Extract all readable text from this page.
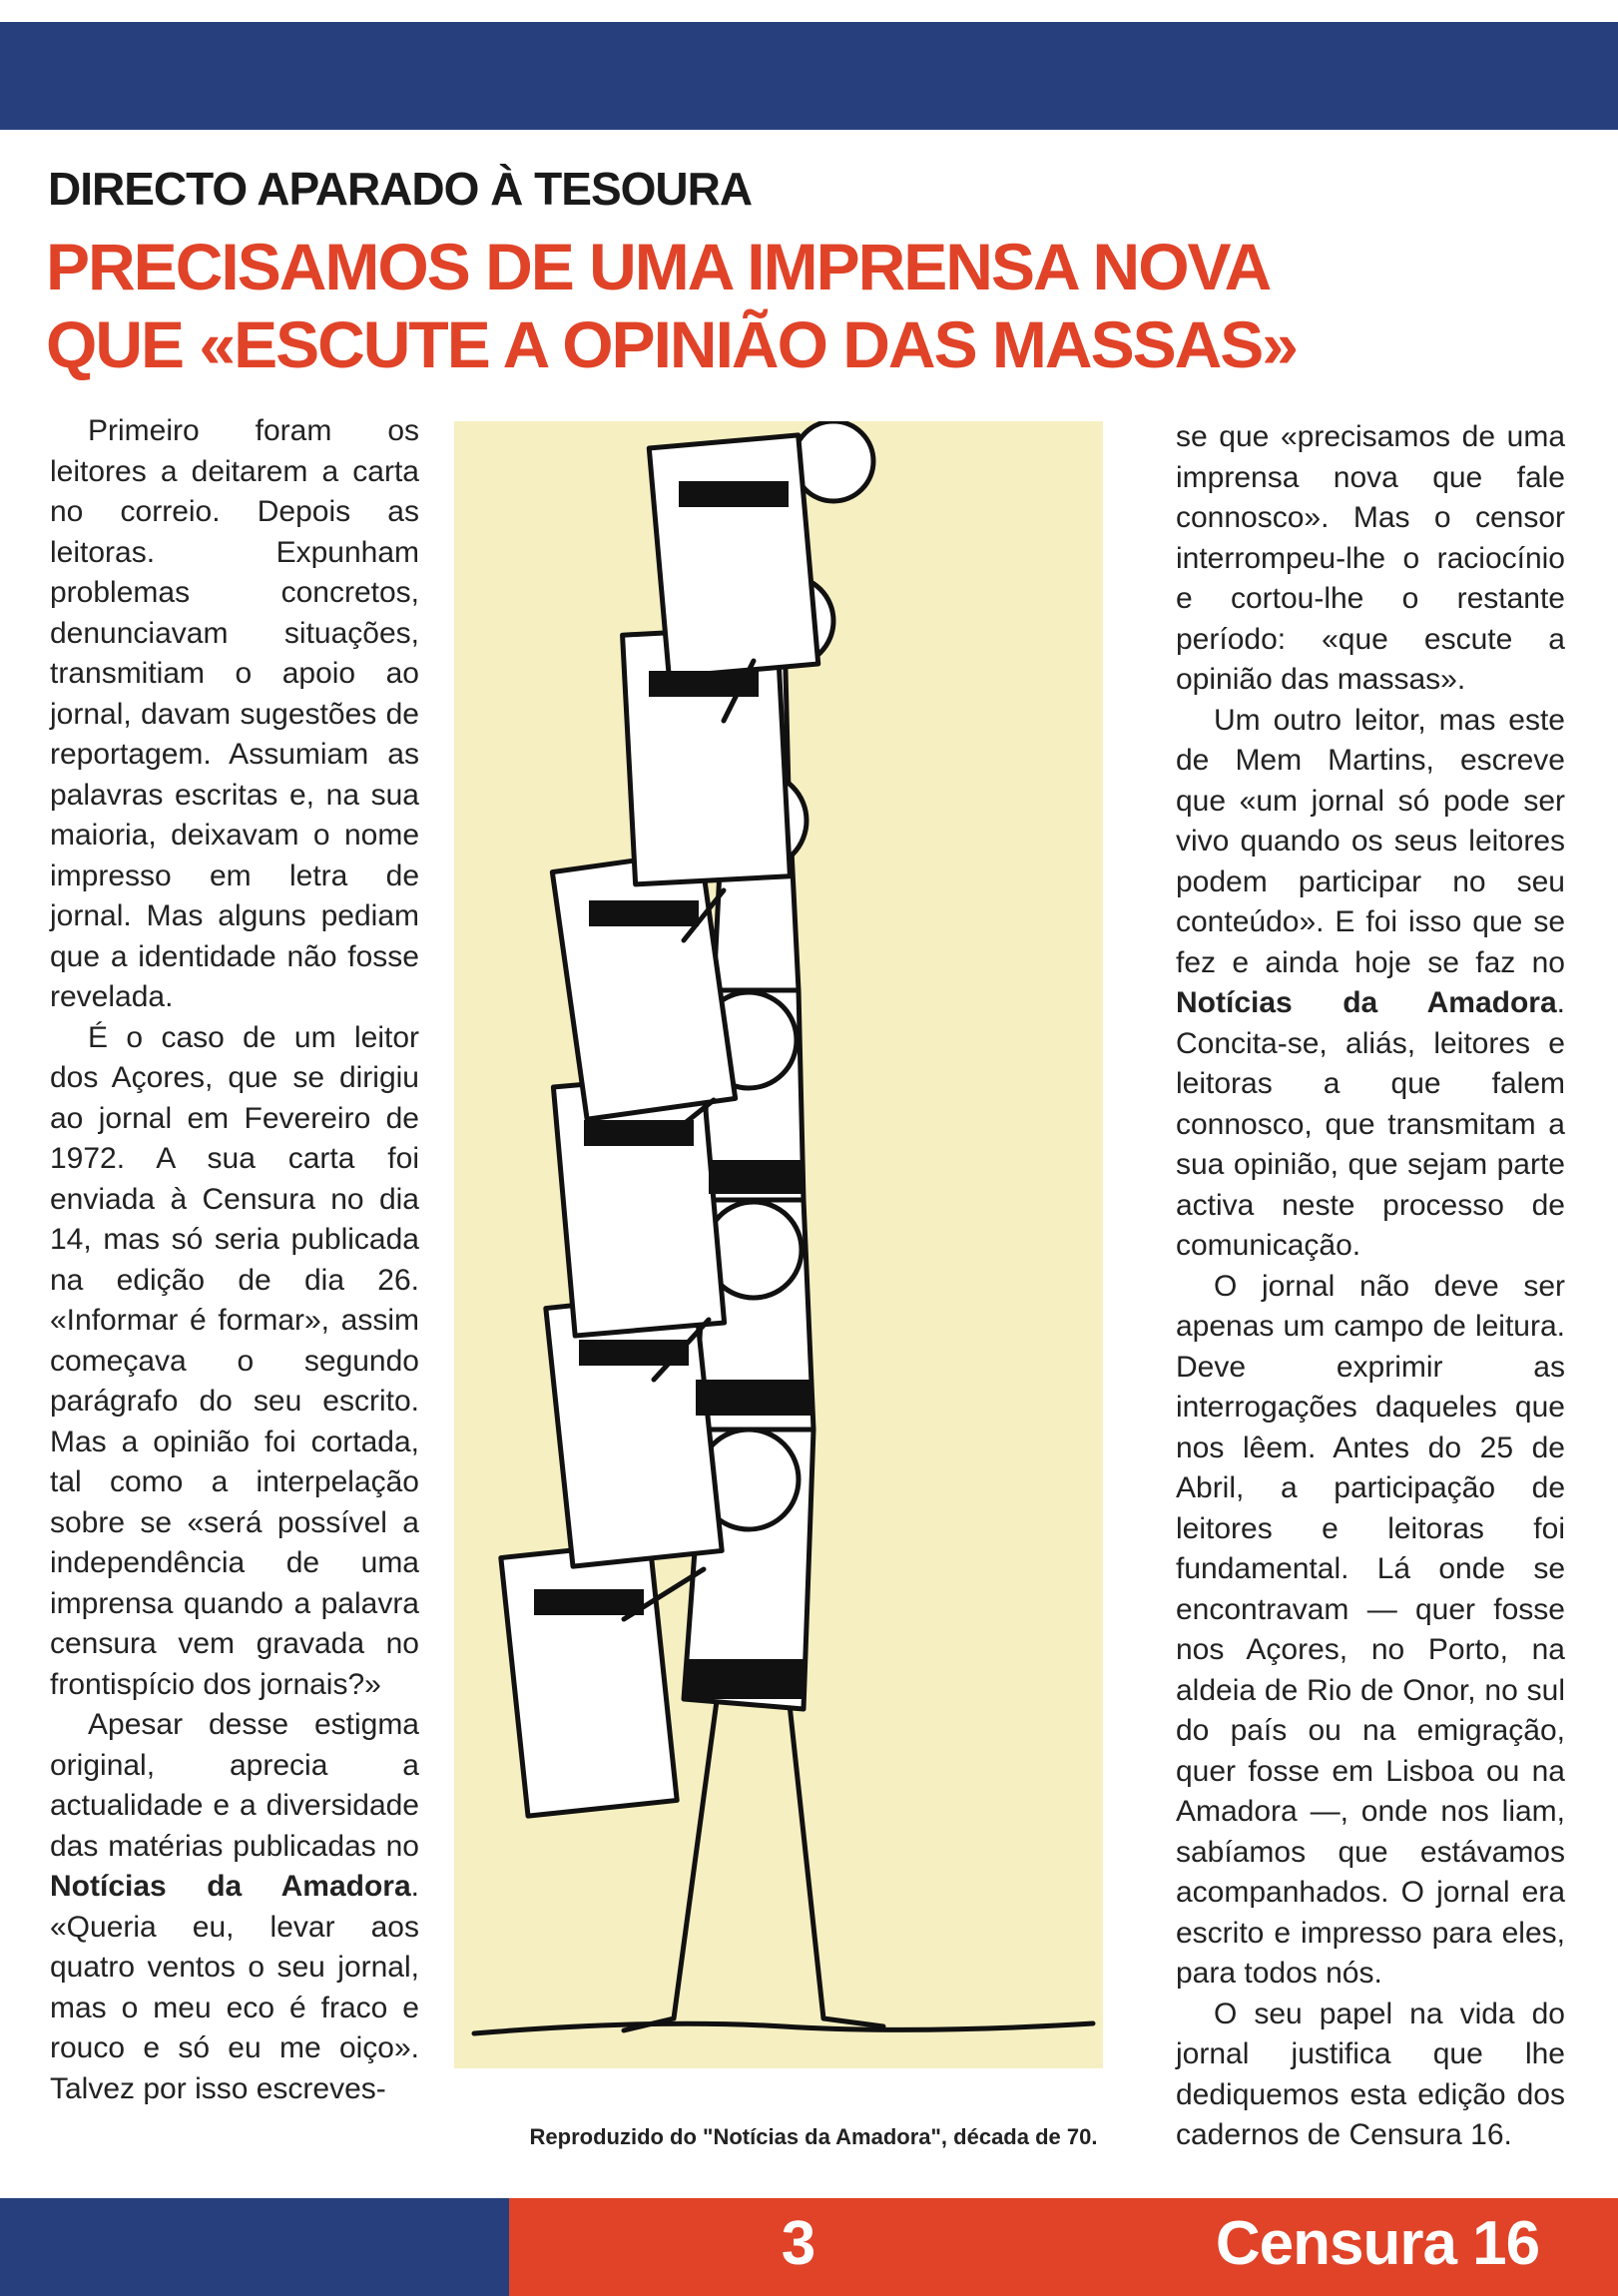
DIRECTO APARADO À TESOURA
PRECISAMOS DE UMA IMPRENSA NOVA
QUE «ESCUTE A OPINIÃO DAS MASSAS»

Primeiro foram os leitores a deitarem a carta no correio. Depois as leitoras. Expunham problemas concretos, denunciavam situações, transmitiam o apoio ao jornal, davam sugestões de reportagem. Assumiam as palavras escritas e, na sua maioria, deixavam o nome impresso em letra de jornal. Mas alguns pediam que a identidade não fosse revelada.

É o caso de um leitor dos Açores, que se dirigiu ao jornal em Fevereiro de 1972. A sua carta foi enviada à Censura no dia 14, mas só seria publicada na edição de dia 26. «Informar é formar», assim começava o segundo parágrafo do seu escrito. Mas a opinião foi cortada, tal como a interpelação sobre se «será possível a independência de uma imprensa quando a palavra censura vem gravada no frontispício dos jornais?»

Apesar desse estigma original, aprecia a actualidade e a diversidade das matérias publicadas no Notícias da Amadora. «Queria eu, levar aos quatro ventos o seu jornal, mas o meu eco é fraco e rouco e só eu me oiço». Talvez por isso escreves-

Reproduzido do "Notícias da Amadora", década de 70.

se que «precisamos de uma imprensa nova que fale connosco». Mas o censor interrompeu-lhe o raciocínio e cortou-lhe o restante período: «que escute a opinião das massas».

Um outro leitor, mas este de Mem Martins, escreve que «um jornal só pode ser vivo quando os seus leitores podem participar no seu conteúdo». E foi isso que se fez e ainda hoje se faz no Notícias da Amadora. Concita-se, aliás, leitores e leitoras a que falem connosco, que transmitam a sua opinião, que sejam parte activa neste processo de comunicação.

O jornal não deve ser apenas um campo de leitura. Deve exprimir as interrogações daqueles que nos lêem. Antes do 25 de Abril, a participação de leitores e leitoras foi fundamental. Lá onde se encontravam — quer fosse nos Açores, no Porto, na aldeia de Rio de Onor, no sul do país ou na emigração, quer fosse em Lisboa ou na Amadora —, onde nos liam, sabíamos que estávamos acompanhados. O jornal era escrito e impresso para eles, para todos nós.

O seu papel na vida do jornal justifica que lhe dediquemos esta edição dos cadernos de Censura 16.

3	Censura 16
